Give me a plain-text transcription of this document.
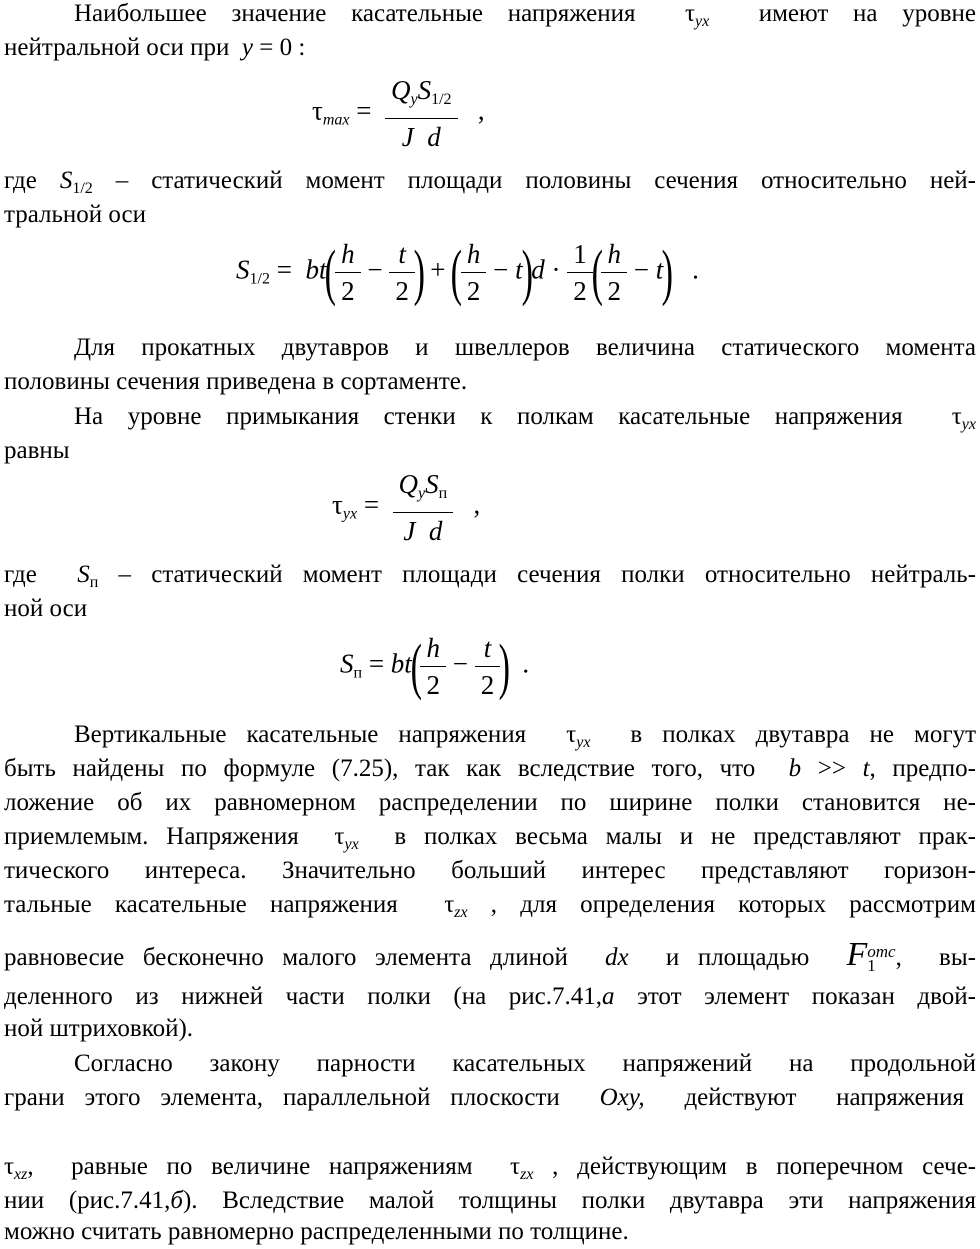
Наибольшее значение касательные напряжения  $\tau_{yx}$  имеют на уровне
нейтральной оси при  y = 0 :
$\tau\max = \frac{Q_yS_{1/2}}{\text{J  d}}$ ,
где $S_{1/2}$ – статический момент площади половины сечения относительно ней-
тральной оси
$S_{1/2} = bt$(
$\frac{h}{2} - \frac{t}{2}$
) + (
$\frac{h}{2} - t)d \cdot \frac{1}{2}$
(
$\frac{h}{2} - t$)   .
Для прокатных двутавров и швеллеров величина статического момента
половины сечения приведена в сортаменте.
На уровне примыкания стенки к полкам касательные напряжения  $\tau_{yx}$
равны
$\tau yx = \frac{Q_yS_п}{\text{J  d}}$ ,
где  $S_п$ – статический момент площади сечения полки относительно нейтраль-
ной оси
$S_п = bt$(
$\frac{h}{2} - \frac{t}{2}$
)  .
Вертикальные касательные напряжения  $\tau_{yx}$  в полках двутавра не могут
быть найдены по формуле (7.25), так как вследствие того, что  b >> t, предпо-
ложение об их равномерном распределении по ширине полки становится не-
приемлемым. Напряжения  $\tau_{yx}$  в полках весьма малы и не представляют прак-
тического интереса. Значительно больший интерес представляют горизон-
тальные касательные напряжения  $\tau_{zx}$ , для определения которых рассмотрим
равновесие бесконечно малого элемента длиной  dx  и площадью  F отс
1 ,  вы-
деленного из нижней части полки (на рис.7.41,а этот элемент показан двой-
ной штриховкой).
Согласно закону парности касательных напряжений на продольной
грани этого элемента, параллельной плоскости  Oxy,  действуют  напряжения
$\tau_{xz}$,  равные по величине напряжениям  $\tau_{zx}$ , действующим в поперечном сече-
нии (рис.7.41,б). Вследствие малой толщины полки двутавра эти напряжения
можно считать равномерно распределенными по толщине.
